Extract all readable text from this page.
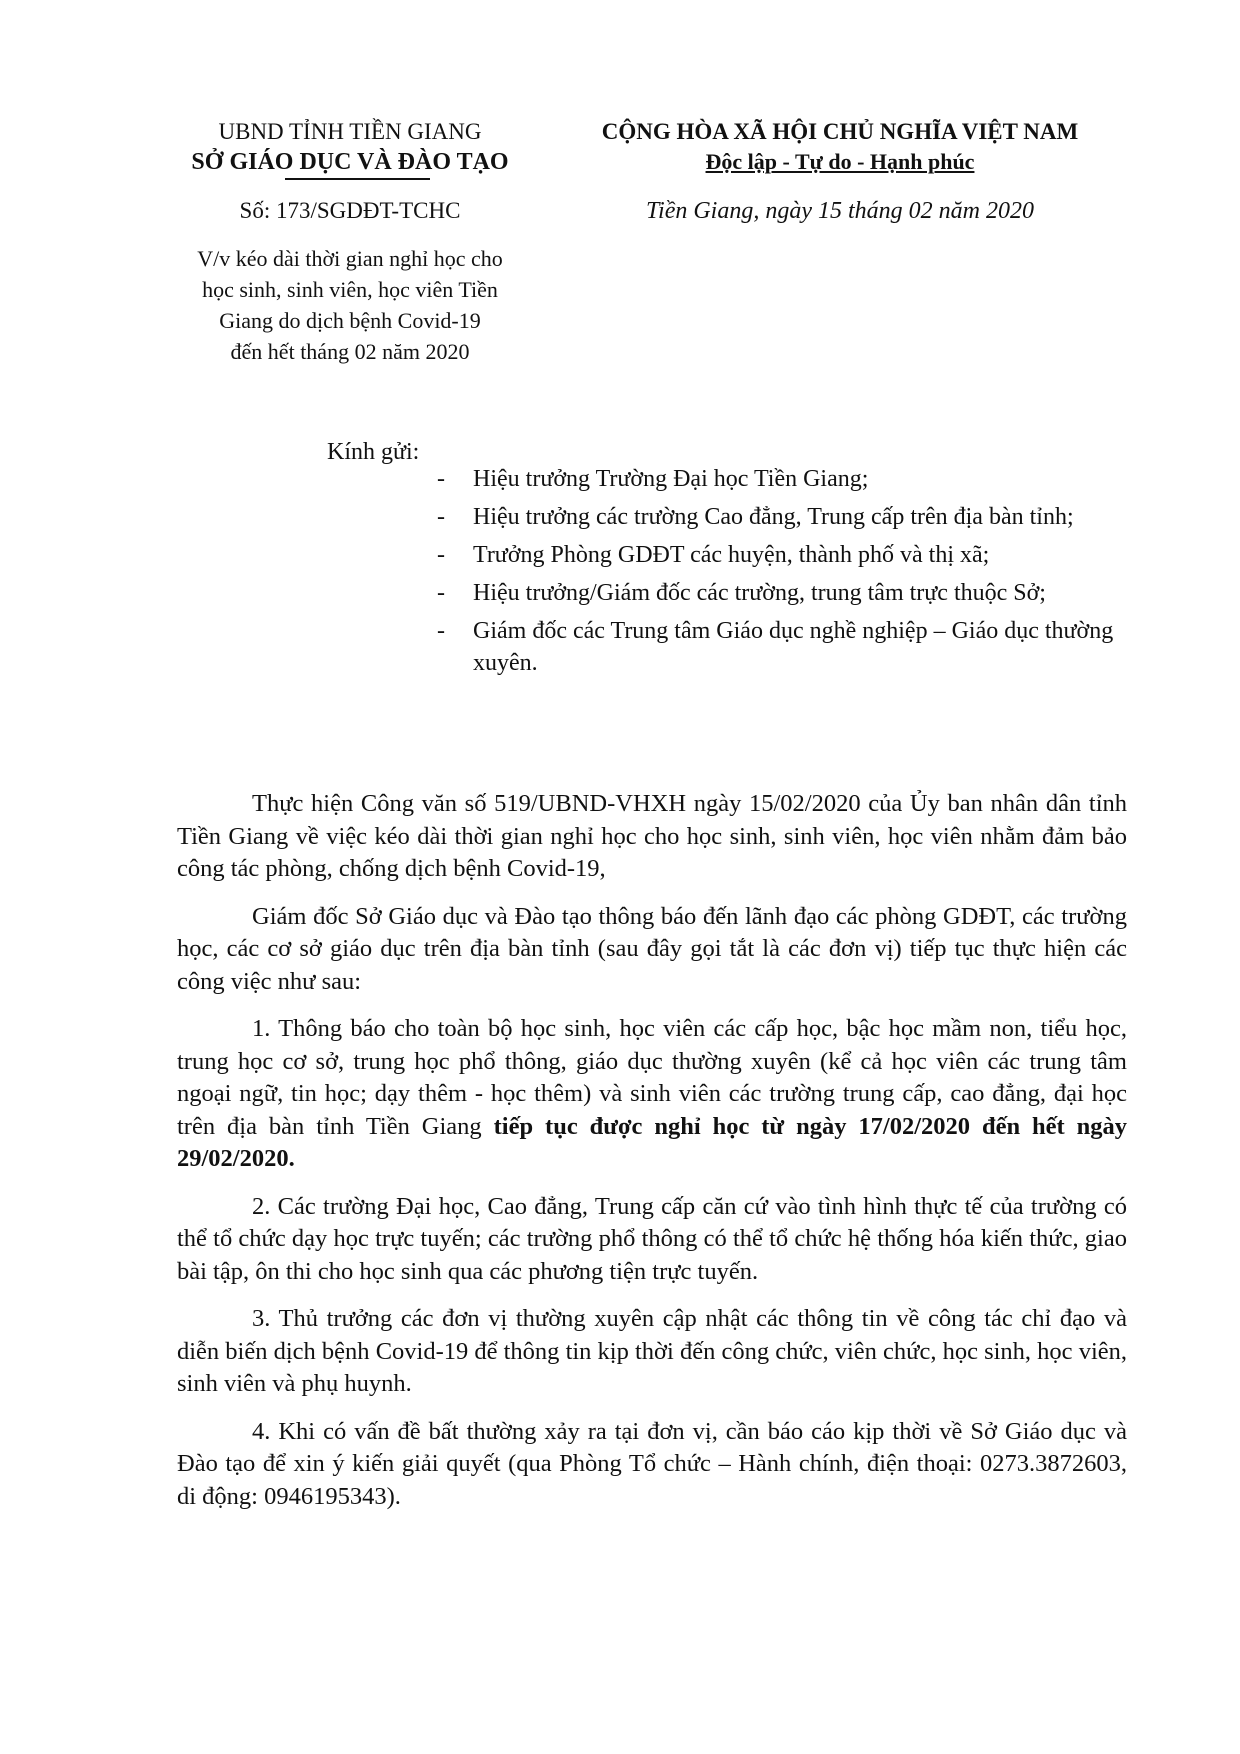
UBND TỈNH TIỀN GIANG
SỞ GIÁO DỤC VÀ ĐÀO TẠO
CỘNG HÒA XÃ HỘI CHỦ NGHĨA VIỆT NAM
Độc lập - Tự do - Hạnh phúc
Số: 173/SGDĐT-TCHC	Tiền Giang, ngày 15 tháng 02 năm 2020
V/v kéo dài thời gian nghỉ học cho
học sinh, sinh viên, học viên Tiền
Giang do dịch bệnh Covid-19
đến hết tháng 02 năm 2020
Kính gửi:
- Hiệu trưởng Trường Đại học Tiền Giang;
- Hiệu trưởng các trường Cao đẳng, Trung cấp trên địa bàn tỉnh;
- Trưởng Phòng GDĐT các huyện, thành phố và thị xã;
- Hiệu trưởng/Giám đốc các trường, trung tâm trực thuộc Sở;
- Giám đốc các Trung tâm Giáo dục nghề nghiệp – Giáo dục thường xuyên.

Thực hiện Công văn số 519/UBND-VHXH ngày 15/02/2020 của Ủy ban nhân dân tỉnh Tiền Giang về việc kéo dài thời gian nghỉ học cho học sinh, sinh viên, học viên nhằm đảm bảo công tác phòng, chống dịch bệnh Covid-19,

Giám đốc Sở Giáo dục và Đào tạo thông báo đến lãnh đạo các phòng GDĐT, các trường học, các cơ sở giáo dục trên địa bàn tỉnh (sau đây gọi tắt là các đơn vị) tiếp tục thực hiện các công việc như sau:

1. Thông báo cho toàn bộ học sinh, học viên các cấp học, bậc học mầm non, tiểu học, trung học cơ sở, trung học phổ thông, giáo dục thường xuyên (kể cả học viên các trung tâm ngoại ngữ, tin học; dạy thêm - học thêm) và sinh viên các trường trung cấp, cao đẳng, đại học trên địa bàn tỉnh Tiền Giang tiếp tục được nghỉ học từ ngày 17/02/2020 đến hết ngày 29/02/2020.

2. Các trường Đại học, Cao đẳng, Trung cấp căn cứ vào tình hình thực tế của trường có thể tổ chức dạy học trực tuyến; các trường phổ thông có thể tổ chức hệ thống hóa kiến thức, giao bài tập, ôn thi cho học sinh qua các phương tiện trực tuyến.

3. Thủ trưởng các đơn vị thường xuyên cập nhật các thông tin về công tác chỉ đạo và diễn biến dịch bệnh Covid-19 để thông tin kịp thời đến công chức, viên chức, học sinh, học viên, sinh viên và phụ huynh.

4. Khi có vấn đề bất thường xảy ra tại đơn vị, cần báo cáo kịp thời về Sở Giáo dục và Đào tạo để xin ý kiến giải quyết (qua Phòng Tổ chức – Hành chính, điện thoại: 0273.3872603, di động: 0946195343).
